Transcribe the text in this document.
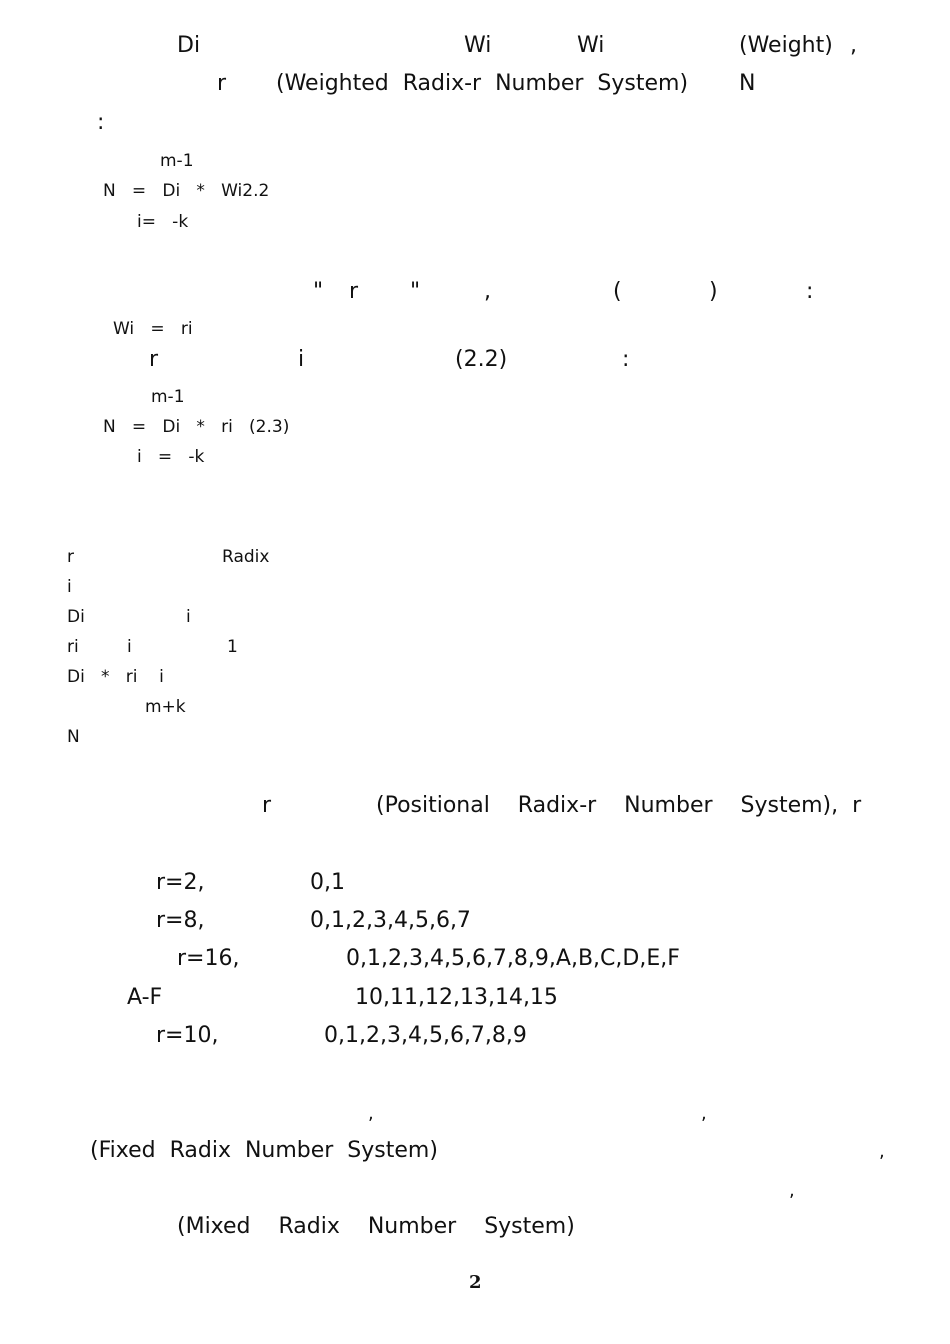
Di	Wi	Wi	(Weight) ,
r (Weighted  Radix-r  Number  System) N
:
m-1
N   =   Di   *   Wi2.2
i=   -k
" r "	,	(	)	:
Wi   =   ri
r	i	(2.2)	:
m-1
N   =   Di   *   ri   (2.3)
i   =   -k
r	Radix
i
Di	i
ri	i	1
Di   *   ri    i
m+k
N
r	(Positional    Radix-r    Number    System),  r
r=2,	0,1
r=8,	0,1,2,3,4,5,6,7
r=16,	0,1,2,3,4,5,6,7,8,9,A,B,C,D,E,F
A-F	10,11,12,13,14,15
r=10,	0,1,2,3,4,5,6,7,8,9
,	,
(Fixed  Radix  Number  System)	,
,
(Mixed    Radix    Number    System)
2
